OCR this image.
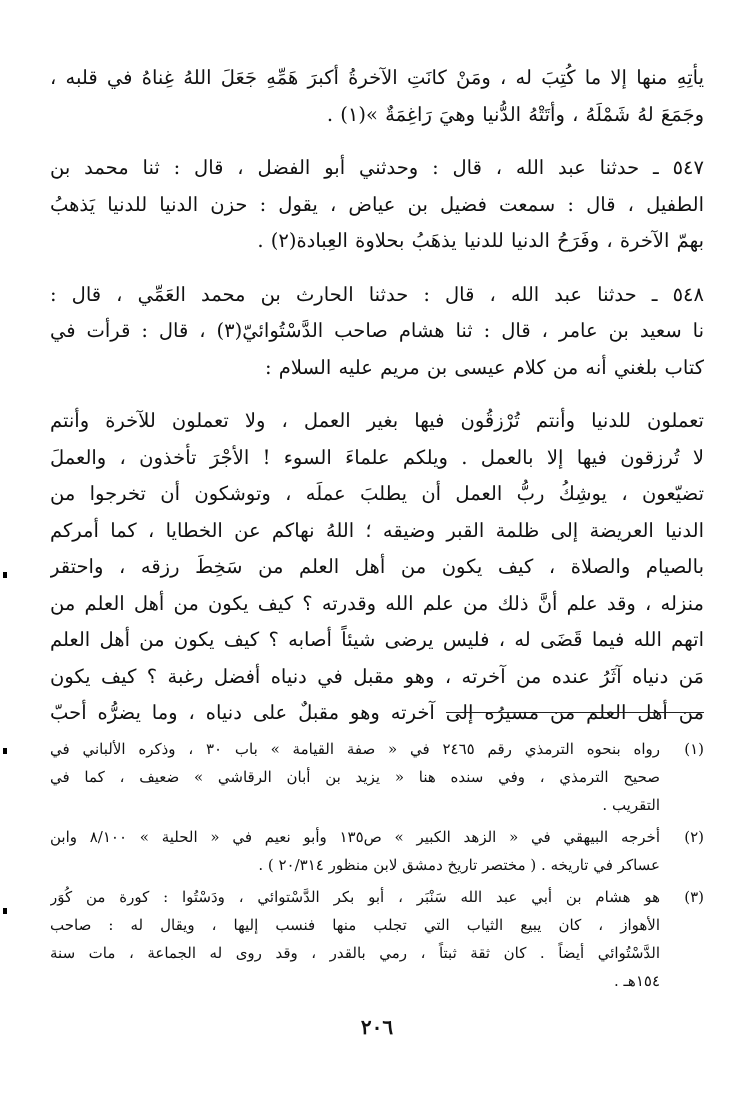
يأتِهِ منها إلا ما كُتِبَ له ، ومَنْ كانَتِ الآخرةُ أكبرَ هَمِّهِ جَعَلَ اللهُ غِناهُ في قلبه ،
وجَمَعَ لهُ شَمْلَهُ ، وأتَتْهُ الدُّنيا وهيَ رَاغِمَةٌ »(١) .
٥٤٧ ـ حدثنا عبد الله ، قال : وحدثني أبو الفضل ، قال : ثنا محمد بن
الطفيل ، قال : سمعت فضيل بن عياض ، يقول : حزن الدنيا للدنيا يَذهبُ
بهمّ الآخرة ، وفَرَحُ الدنيا للدنيا يذهَبُ بحلاوة العِبادة(٢) .
٥٤٨ ـ حدثنا عبد الله ، قال : حدثنا الحارث بن محمد العَمِّي ، قال :
نا سعيد بن عامر ، قال : ثنا هشام صاحب الدَّسْتُوائيّ(٣) ، قال : قرأت في
كتاب بلغني أنه من كلام عيسى بن مريم عليه السلام :
تعملون للدنيا وأنتم تُرْزقُون فيها بغير العمل ، ولا تعملون للآخرة وأنتم
لا تُرزقون فيها إلا بالعمل . ويلكم علماءَ السوء ! الأجْرَ تأخذون ، والعملَ
تضيّعون ، يوشِكُ ربُّ العمل أن يطلبَ عملَه ، وتوشكون أن تخرجوا من
الدنيا العريضة إلى ظلمة القبر وضيقه ؛ اللهُ نهاكم عن الخطايا ، كما أمركم
بالصيام والصلاة ، كيف يكون من أهل العلم من سَخِطَ رزقه ، واحتقر
منزله ، وقد علم أنَّ ذلك من علم الله وقدرته ؟ كيف يكون من أهل العلم من
اتهم الله فيما قَضَى له ، فليس يرضى شيئاً أصابه ؟ كيف يكون من أهل العلم
مَن دنياه آثَرُ عنده من آخرته ، وهو مقبل في دنياه أفضل رغبة ؟ كيف يكون
من أهل العلم من مسيرُه إلى آخرته وهو مقبلٌ على دنياه ، وما يضرُّه أحبّ
(١)
رواه بنحوه الترمذي رقم ٢٤٦٥ في « صفة القيامة » باب ٣٠ ، وذكره الألباني في
صحيح الترمذي ، وفي سنده هنا « يزيد بن أبان الرقاشي » ضعيف ، كما في
التقريب .
(٢)
أخرجه البيهقي في « الزهد الكبير » ص١٣٥ وأبو نعيم في « الحلية » ٨/١٠٠ وابن
عساكر في تاريخه . ( مختصر تاريخ دمشق لابن منظور ٢٠/٣١٤ ) .
(٣)
هو هشام بن أبي عبد الله سَنْبَر ، أبو بكر الدَّسْتوائي ، ودَسْتُوا : كورة من كُوَر
الأهواز ، كان يبيع الثياب التي تجلب منها فنسب إليها ، ويقال له : صاحب
الدَّسْتُوائي أيضاً . كان ثقة ثبتاً ، رمي بالقدر ، وقد روى له الجماعة ، مات سنة
١٥٤هـ .
٢٠٦
